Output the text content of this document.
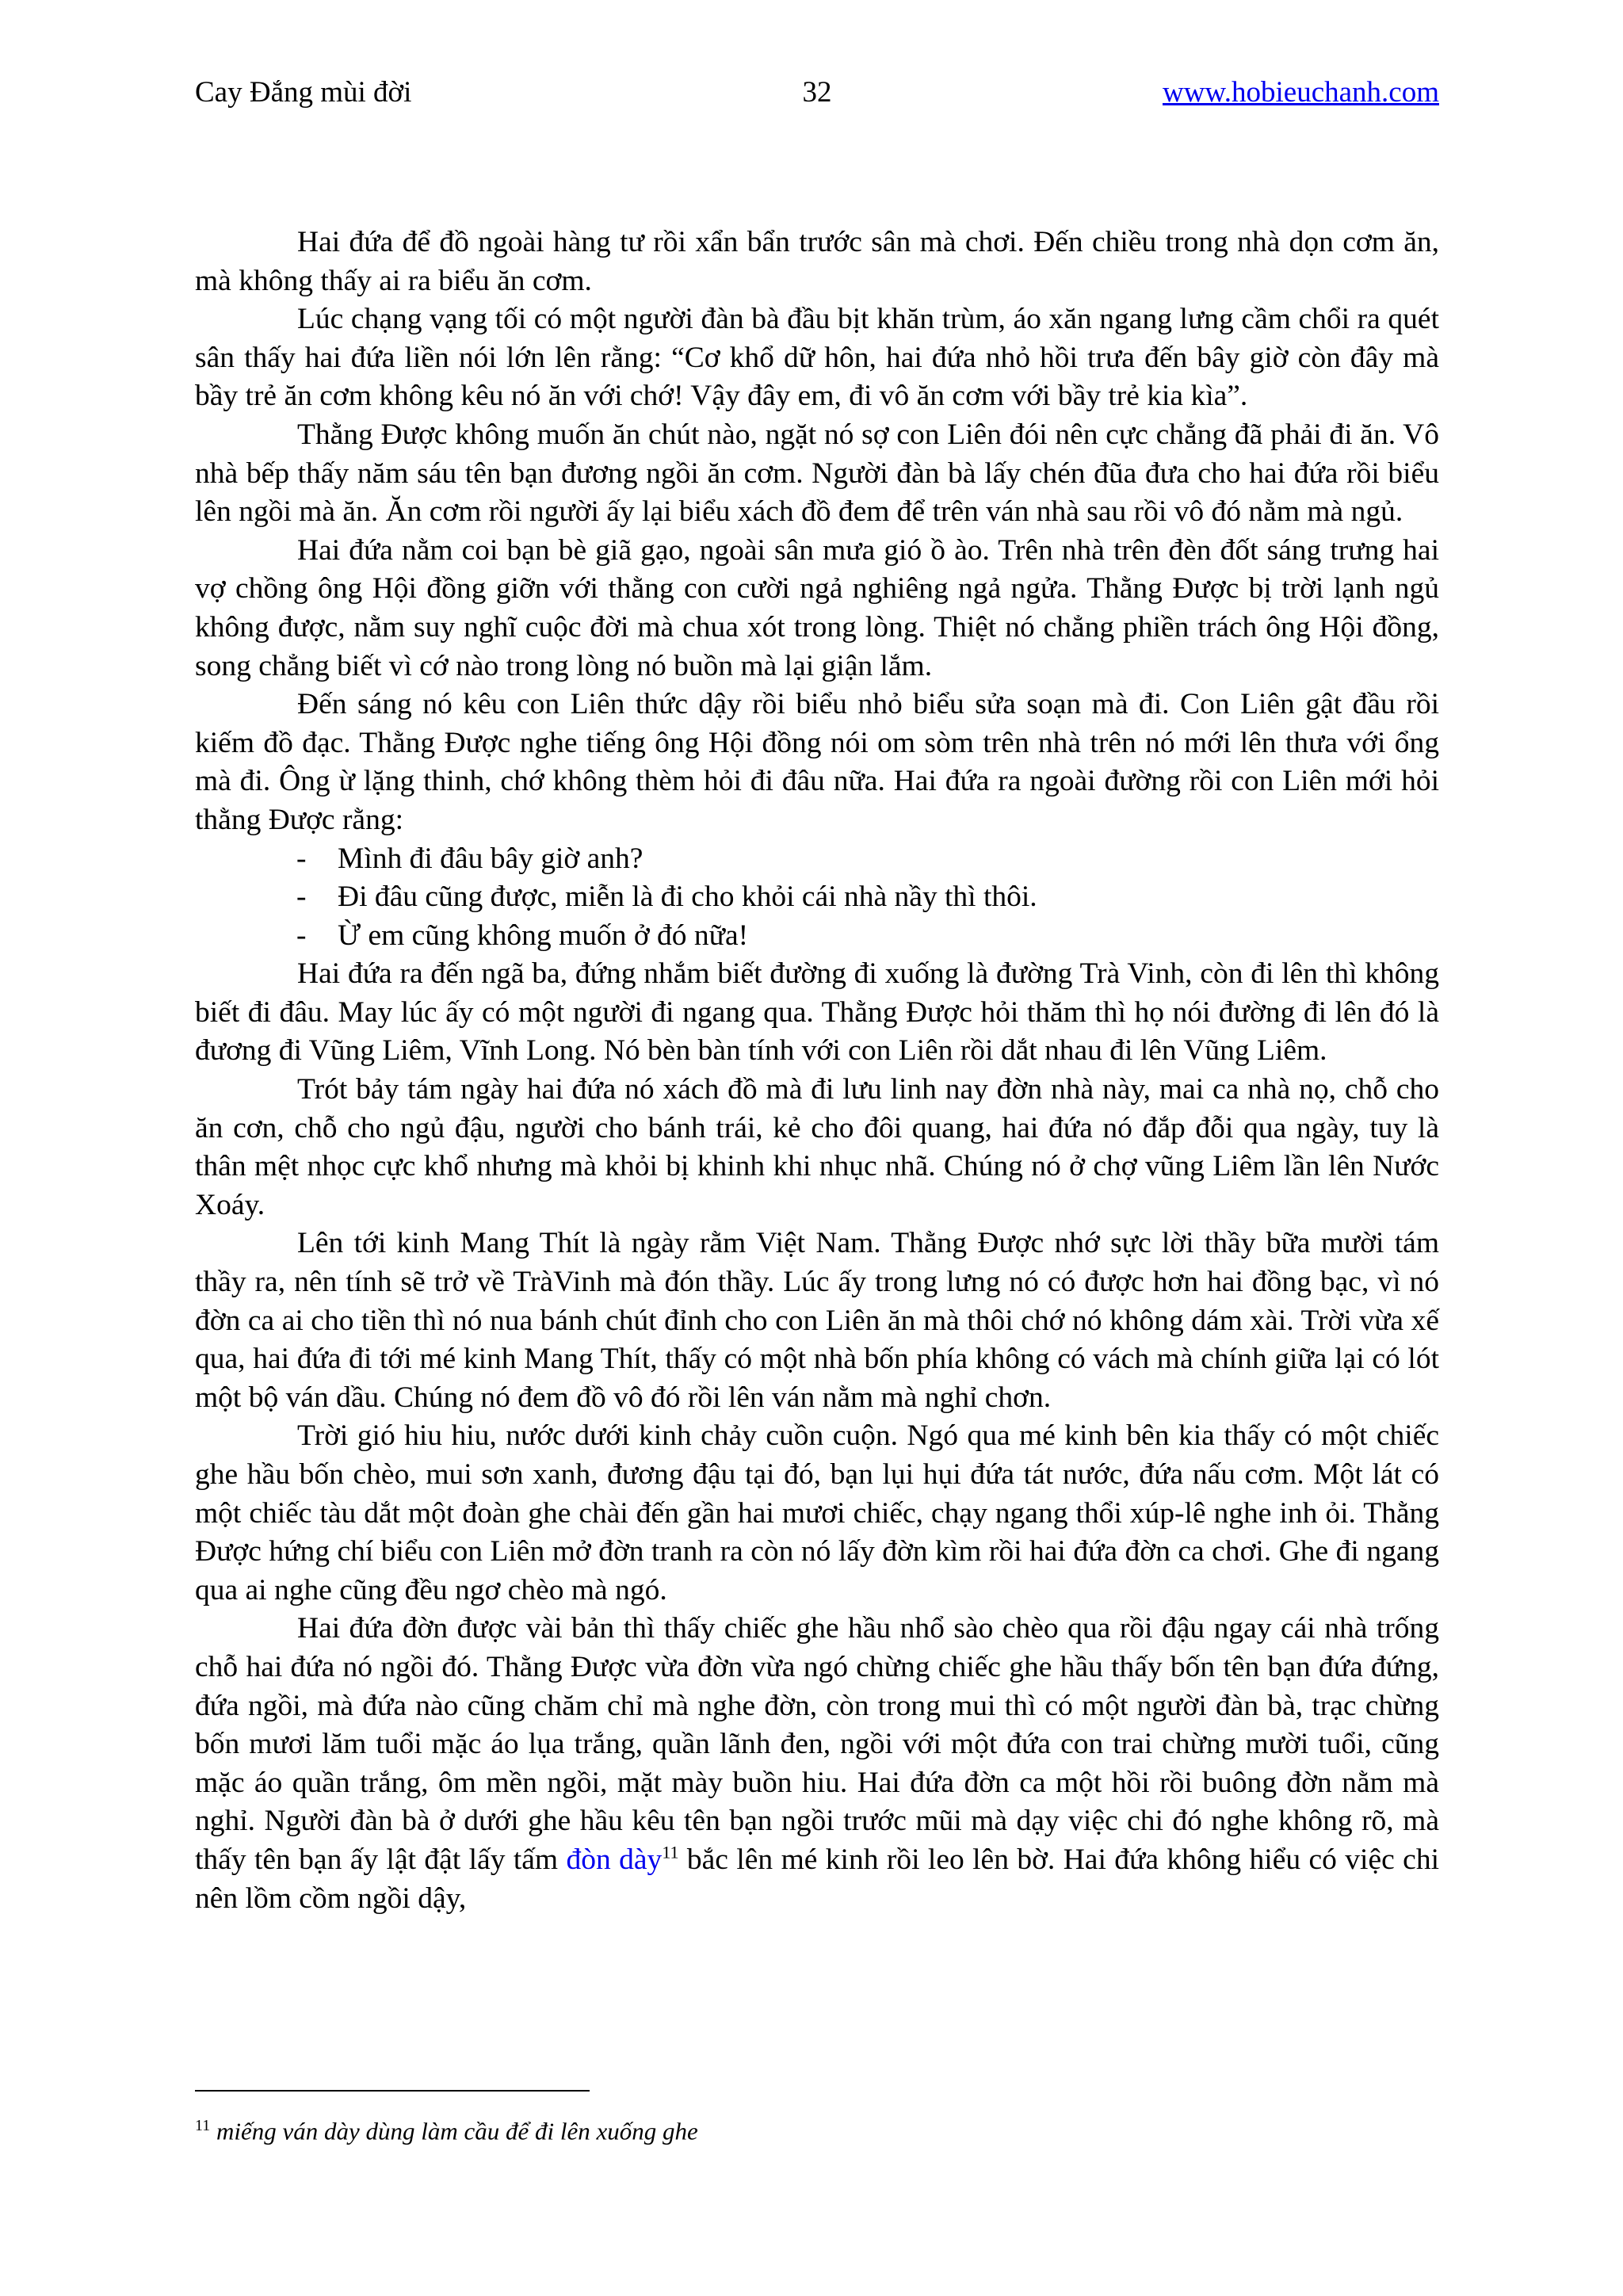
Cay Đắng mùi đời	32	www.hobieuchanh.com

Hai đứa để đồ ngoài hàng tư rồi xẩn bẩn trước sân mà chơi. Đến chiều trong nhà dọn cơm ăn, mà không thấy ai ra biểu ăn cơm.

Lúc chạng vạng tối có một người đàn bà đầu bịt khăn trùm, áo xăn ngang lưng cầm chổi ra quét sân thấy hai đứa liền nói lớn lên rằng: “Cơ khổ dữ hôn, hai đứa nhỏ hồi trưa đến bây giờ còn đây mà bầy trẻ ăn cơm không kêu nó ăn với chớ! Vậy đây em, đi vô ăn cơm với bầy trẻ kia kìa”.

Thằng Được không muốn ăn chút nào, ngặt nó sợ con Liên đói nên cực chẳng đã phải đi ăn. Vô nhà bếp thấy năm sáu tên bạn đương ngồi ăn cơm. Người đàn bà lấy chén đũa đưa cho hai đứa rồi biểu lên ngồi mà ăn. Ăn cơm rồi người ấy lại biểu xách đồ đem để trên ván nhà sau rồi vô đó nằm mà ngủ.

Hai đứa nằm coi bạn bè giã gạo, ngoài sân mưa gió ồ ào. Trên nhà trên đèn đốt sáng trưng hai vợ chồng ông Hội đồng giỡn với thằng con cười ngả nghiêng ngả ngửa. Thằng Được bị trời lạnh ngủ không được, nằm suy nghĩ cuộc đời mà chua xót trong lòng. Thiệt nó chẳng phiền trách ông Hội đồng, song chẳng biết vì cớ nào trong lòng nó buồn mà lại giận lắm.

Đến sáng nó kêu con Liên thức dậy rồi biểu nhỏ biểu sửa soạn mà đi. Con Liên gật đầu rồi kiếm đồ đạc. Thằng Được nghe tiếng ông Hội đồng nói om sòm trên nhà trên nó mới lên thưa với ổng mà đi. Ông ừ lặng thinh, chớ không thèm hỏi đi đâu nữa. Hai đứa ra ngoài đường rồi con Liên mới hỏi thằng Được rằng:

- Mình đi đâu bây giờ anh?

- Đi đâu cũng được, miễn là đi cho khỏi cái nhà nầy thì thôi.

- Ừ em cũng không muốn ở đó nữa!

Hai đứa ra đến ngã ba, đứng nhắm biết đường đi xuống là đường Trà Vinh, còn đi lên thì không biết đi đâu. May lúc ấy có một người đi ngang qua. Thằng Được hỏi thăm thì họ nói đường đi lên đó là đương đi Vũng Liêm, Vĩnh Long. Nó bèn bàn tính với con Liên rồi dắt nhau đi lên Vũng Liêm.

Trót bảy tám ngày hai đứa nó xách đồ mà đi lưu linh nay đờn nhà này, mai ca nhà nọ, chỗ cho ăn cơn, chỗ cho ngủ đậu, người cho bánh trái, kẻ cho đôi quang, hai đứa nó đắp đỗi qua ngày, tuy là thân mệt nhọc cực khổ nhưng mà khỏi bị khinh khi nhục nhã. Chúng nó ở chợ vũng Liêm lần lên Nước Xoáy.

Lên tới kinh Mang Thít là ngày rằm Việt Nam. Thằng Được nhớ sực lời thầy bữa mười tám thầy ra, nên tính sẽ trở về TràVinh mà đón thầy. Lúc ấy trong lưng nó có được hơn hai đồng bạc, vì nó đờn ca ai cho tiền thì nó nua bánh chút đỉnh cho con Liên ăn mà thôi chớ nó không dám xài. Trời vừa xế qua, hai đứa đi tới mé kinh Mang Thít, thấy có một nhà bốn phía không có vách mà chính giữa lại có lót một bộ ván dầu. Chúng nó đem đồ vô đó rồi lên ván nằm mà nghỉ chơn.

Trời gió hiu hiu, nước dưới kinh chảy cuồn cuộn. Ngó qua mé kinh bên kia thấy có một chiếc ghe hầu bốn chèo, mui sơn xanh, đương đậu tại đó, bạn lụi hụi đứa tát nước, đứa nấu cơm. Một lát có một chiếc tàu dắt một đoàn ghe chài đến gần hai mươi chiếc, chạy ngang thổi xúp-lê nghe inh ỏi. Thằng Được hứng chí biểu con Liên mở đờn tranh ra còn nó lấy đờn kìm rồi hai đứa đờn ca chơi. Ghe đi ngang qua ai nghe cũng đều ngơ chèo mà ngó.

Hai đứa đờn được vài bản thì thấy chiếc ghe hầu nhổ sào chèo qua rồi đậu ngay cái nhà trống chỗ hai đứa nó ngồi đó. Thằng Được vừa đờn vừa ngó chừng chiếc ghe hầu thấy bốn tên bạn đứa đứng, đứa ngồi, mà đứa nào cũng chăm chỉ mà nghe đờn, còn trong mui thì có một người đàn bà, trạc chừng bốn mươi lăm tuổi mặc áo lụa trắng, quần lãnh đen, ngồi với một đứa con trai chừng mười tuổi, cũng mặc áo quần trắng, ôm mền ngồi, mặt mày buồn hiu. Hai đứa đờn ca một hồi rồi buông đờn nằm mà nghỉ. Người đàn bà ở dưới ghe hầu kêu tên bạn ngồi trước mũi mà dạy việc chi đó nghe không rõ, mà thấy tên bạn ấy lật đật lấy tấm đòn dày$^{11}$ bắc lên mé kinh rồi leo lên bờ. Hai đứa không hiểu có việc chi nên lồm cồm ngồi dậy,

$^{11}$ miếng ván dày dùng làm cầu để đi lên xuống ghe
